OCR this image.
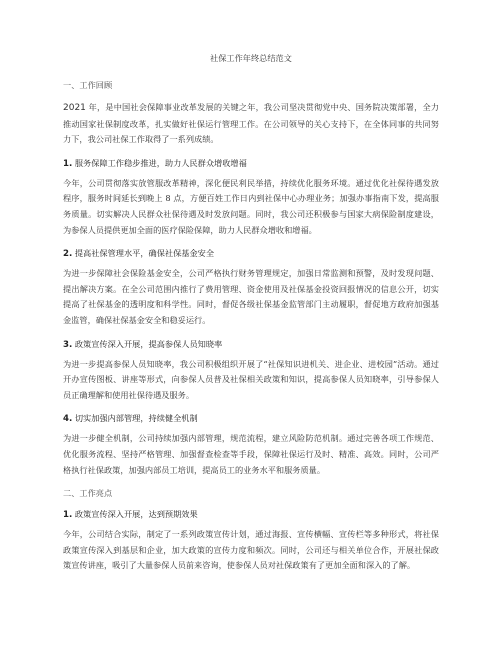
社保工作年终总结范文
一、工作回顾

2021 年，是中国社会保障事业改革发展的关键之年，我公司坚决贯彻党中央、国务院决策部署，全力推动国家社保制度改革，扎实做好社保运行管理工作。在公司领导的关心支持下，在全体同事的共同努力下，我公司社保工作取得了一系列成绩。

1. 服务保障工作稳步推进，助力人民群众增收增福

今年，公司贯彻落实放管服改革精神，深化便民利民举措，持续优化服务环境。通过优化社保待遇发放程序，服务时间延长到晚上 8 点，方便百姓工作日内到社保中心办理业务；加强办事指南下发，提高服务质量。切实解决人民群众社保待遇及时发放问题。同时，我公司还积极参与国家大病保险制度建设，为参保人员提供更加全面的医疗保险保障，助力人民群众增收和增福。

2. 提高社保管理水平，确保社保基金安全

为进一步保障社会保险基金安全，公司严格执行财务管理规定，加强日常监测和预警，及时发现问题、提出解决方案。在全公司范围内推行了费用管理、资金使用及社保基金投资回报情况的信息公开，切实提高了社保基金的透明度和科学性。同时，督促各级社保基金监管部门主动履职，督促地方政府加强基金监管，确保社保基金安全和稳妥运行。

3. 政策宣传深入开展，提高参保人员知晓率

为进一步提高参保人员知晓率，我公司积极组织开展了“社保知识进机关、进企业、进校园”活动。通过开办宣传图板、讲座等形式，向参保人员普及社保相关政策和知识，提高参保人员知晓率，引导参保人员正确理解和使用社保待遇及服务。

4. 切实加强内部管理，持续健全机制

为进一步健全机制，公司持续加强内部管理，规范流程，建立风险防范机制。通过完善各项工作规范、优化服务流程、坚持严格管理、加强督查检查等手段，保障社保运行及时、精准、高效。同时，公司严格执行社保政策，加强内部员工培训，提高员工的业务水平和服务质量。

二、工作亮点
1. 政策宣传深入开展，达到预期效果

今年，公司结合实际，制定了一系列政策宣传计划，通过海报、宣传横幅、宣传栏等多种形式，将社保政策宣传深入到基层和企业，加大政策的宣传力度和频次。同时，公司还与相关单位合作，开展社保政策宣传讲座，吸引了大量参保人员前来咨询，使参保人员对社保政策有了更加全面和深入的了解。
